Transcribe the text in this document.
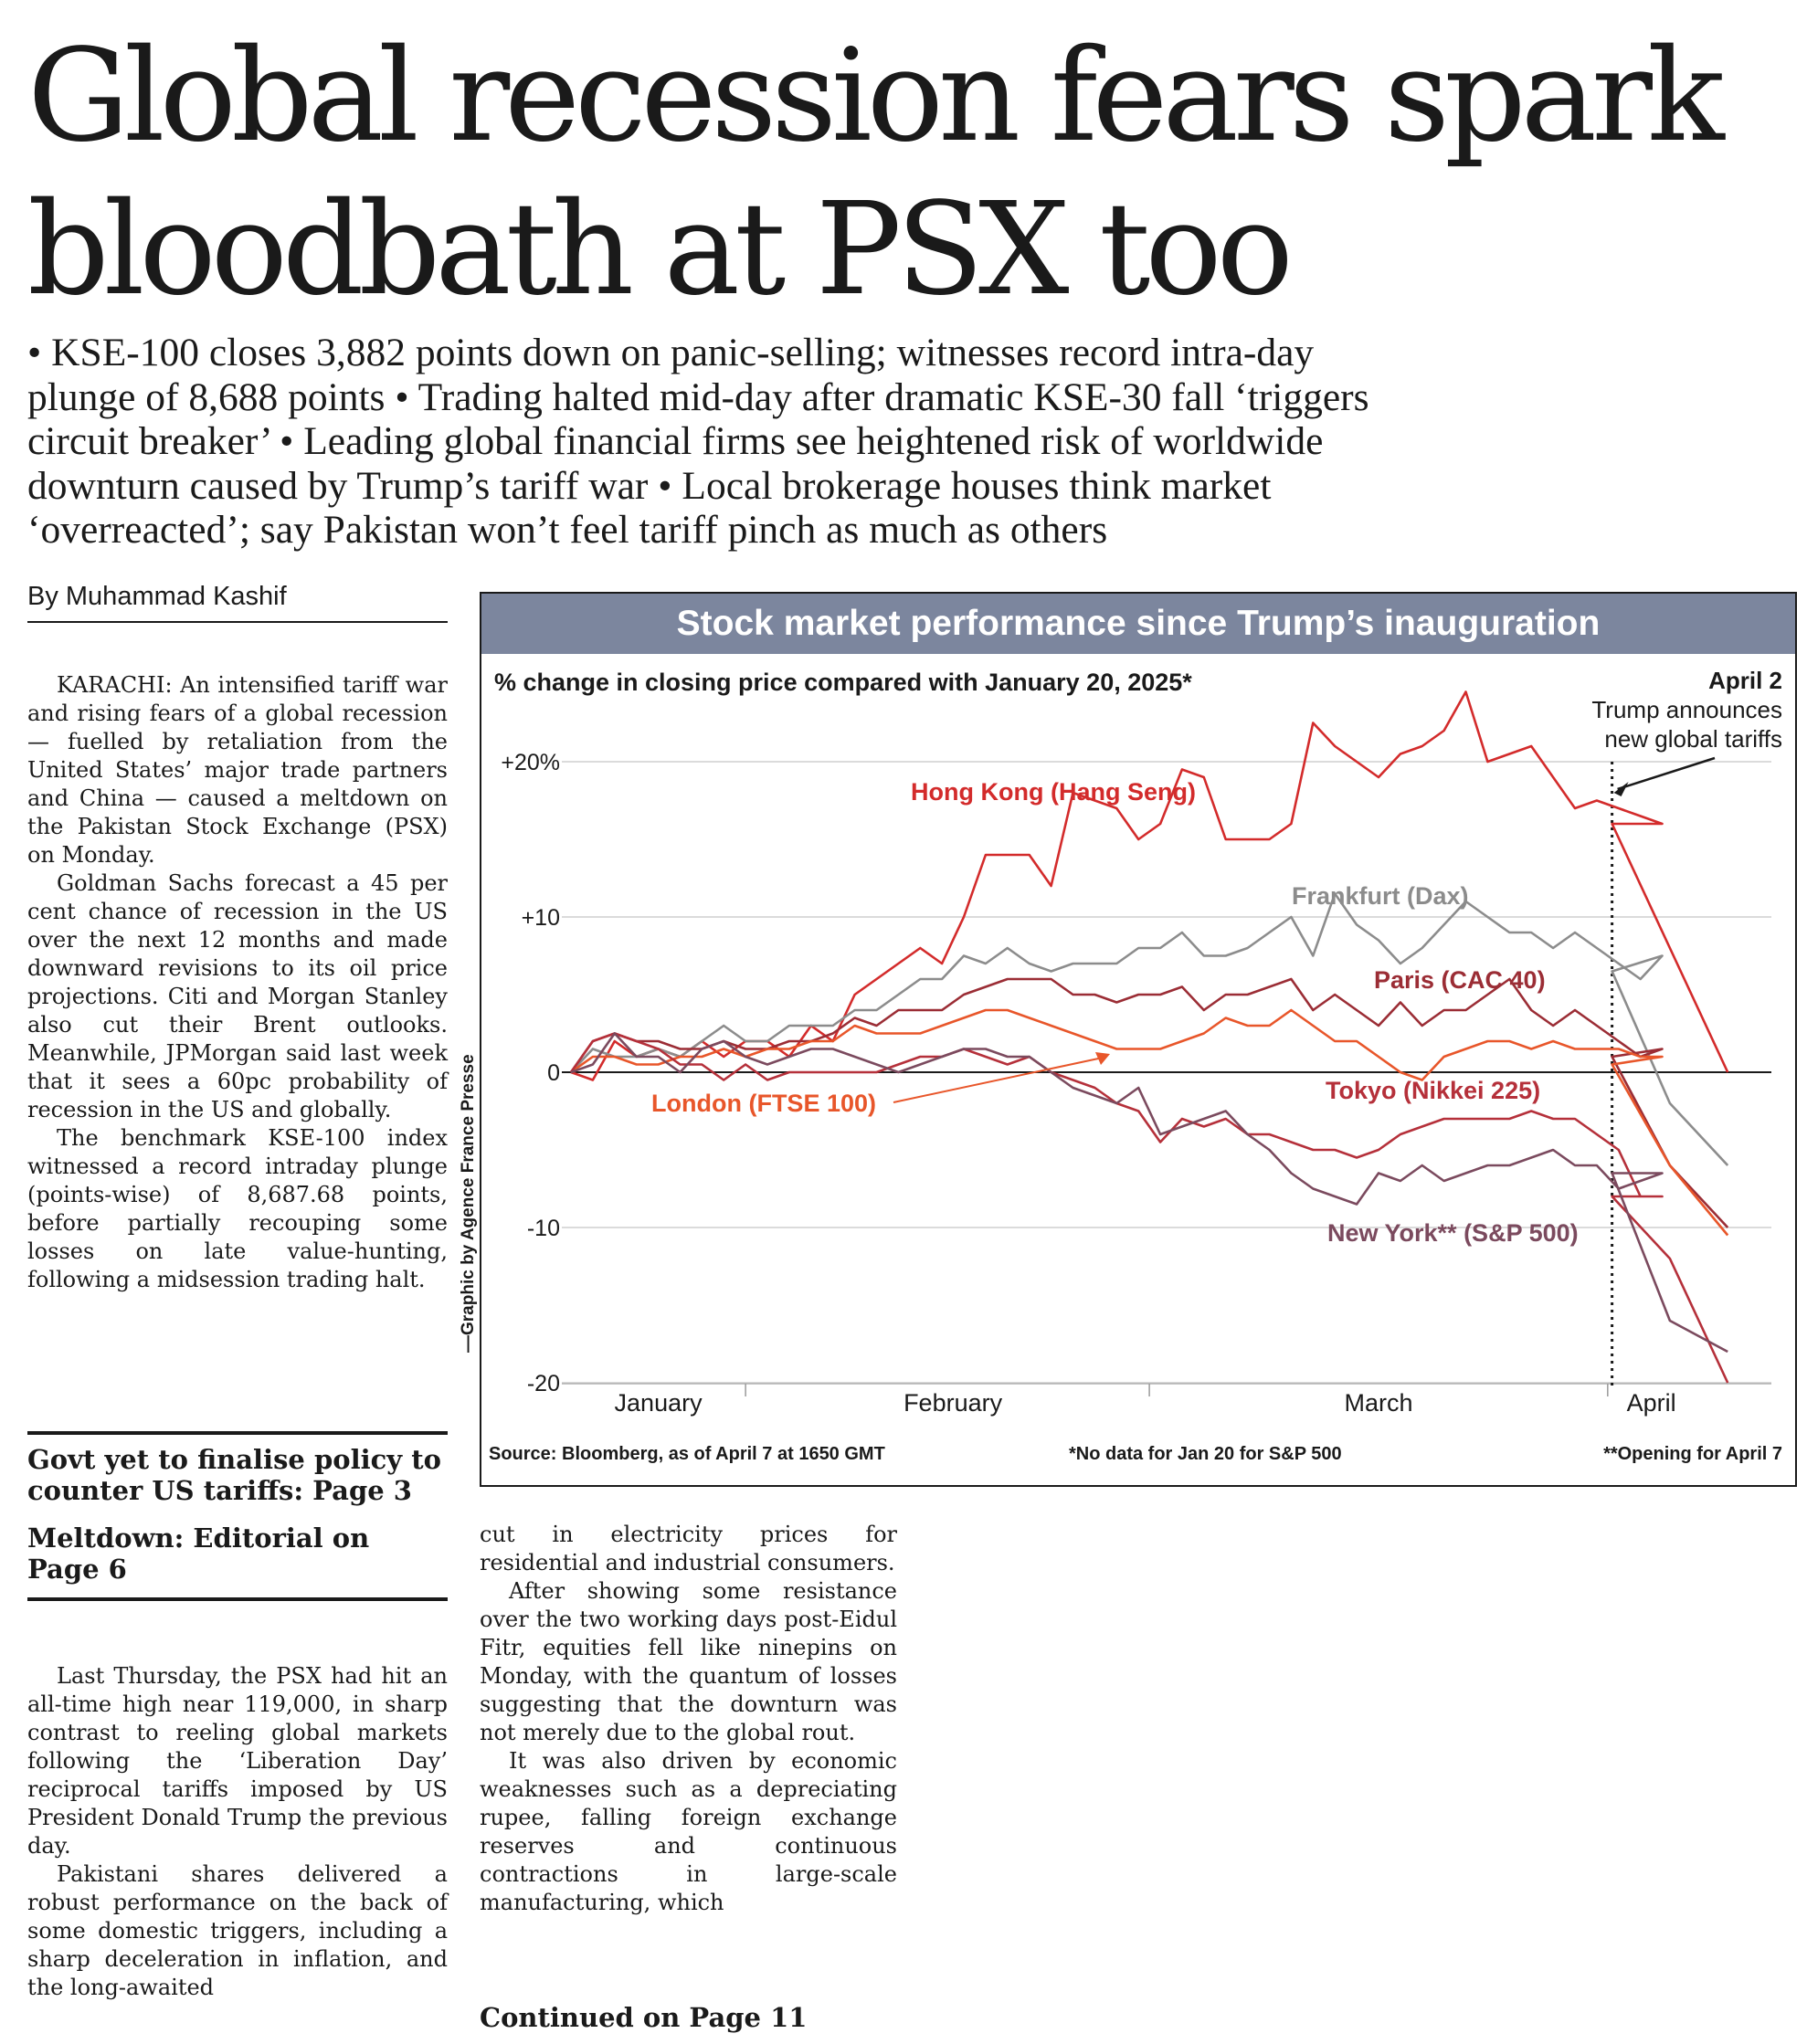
Global recession fears spark
bloodbath at PSX too
• KSE-100 closes 3,882 points down on panic-selling; witnesses record intra-day
plunge of 8,688 points • Trading halted mid-day after dramatic KSE-30 fall ‘triggers
circuit breaker’ • Leading global financial firms see heightened risk of worldwide
downturn caused by Trump’s tariff war • Local brokerage houses think market
‘overreacted’; say Pakistan won’t feel tariff pinch as much as others
By Muhammad Kashif

KARACHI: An intensified tariff war and rising fears of a global recession — fuelled by retaliation from the United States’ major trade partners and China — caused a meltdown on the Pakistan Stock Exchange (PSX) on Monday.

Goldman Sachs forecast a 45 per cent chance of recession in the US over the next 12 months and made downward revisions to its oil price projections. Citi and Morgan Stanley also cut their Brent outlooks. Meanwhile, JPMorgan said last week that it sees a 60pc probability of recession in the US and globally.

The benchmark KSE-100 index witnessed a record intraday plunge (points-wise) of 8,687.68 points, before partially recouping some losses on late value-hunting, following a midsession trading halt.

Govt yet to finalise policy to counter US tariffs: Page 3
Meltdown: Editorial on Page 6

Last Thursday, the PSX had hit an all-time high near 119,000, in sharp contrast to reeling global markets following the ‘Liberation Day’ reciprocal tariffs imposed by US President Donald Trump the previous day.

Pakistani shares delivered a robust performance on the back of some domestic triggers, including a sharp deceleration in inflation, and the long-awaited

cut in electricity prices for residential and industrial consumers.

After showing some resistance over the two working days post-Eidul Fitr, equities fell like ninepins on Monday, with the quantum of losses suggesting that the downturn was not merely due to the global rout.

It was also driven by economic weaknesses such as a depreciating rupee, falling foreign exchange reserves and continuous contractions in large-scale manufacturing, which

Continued on Page 11
—Graphic by Agence France Presse
Stock market performance since Trump’s inauguration
% change in closing price compared with January 20, 2025*
+20%
+10
0
-10
-20
January	February	March	April
Hong Kong (Hang Seng)
Frankfurt (Dax)
Paris (CAC 40)
London (FTSE 100)	Tokyo (Nikkei 225)
New York** (S&P 500)
April 2
Trump announces
new global tariffs
Source: Bloomberg, as of April 7 at 1650 GMT	*No data for Jan 20 for S&P 500	**Opening for April 7
